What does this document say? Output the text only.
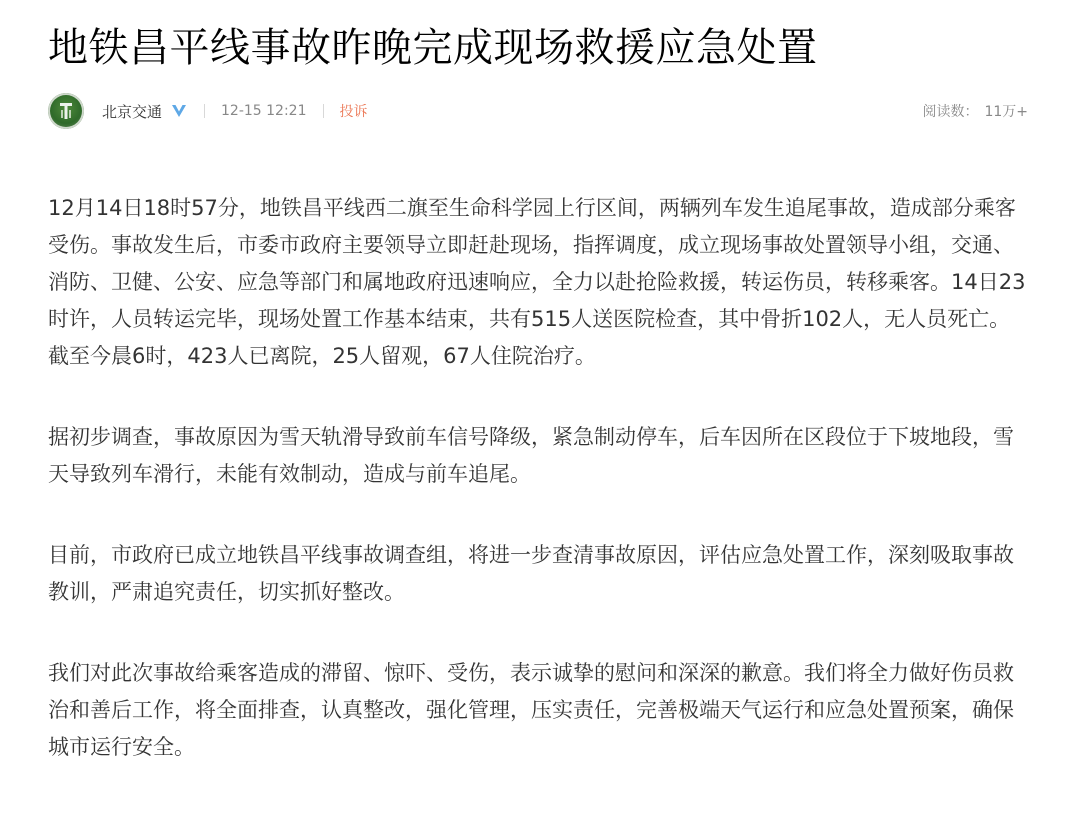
地铁昌平线事故昨晚完成现场救援应急处置
北京交通	12-15 12:21 投诉	阅读数： 11万+

12月14日18时57分，地铁昌平线西二旗至生命科学园上行区间，两辆列车发生追尾事故，造成部分乘客受伤。事故发生后，市委市政府主要领导立即赶赴现场，指挥调度，成立现场事故处置领导小组，交通、消防、卫健、公安、应急等部门和属地政府迅速响应，全力以赴抢险救援，转运伤员，转移乘客。14日23时许，人员转运完毕，现场处置工作基本结束，共有515人送医院检查，其中骨折102人，无人员死亡。截至今晨6时，423人已离院，25人留观，67人住院治疗。

据初步调查，事故原因为雪天轨滑导致前车信号降级，紧急制动停车，后车因所在区段位于下坡地段，雪天导致列车滑行，未能有效制动，造成与前车追尾。

目前，市政府已成立地铁昌平线事故调查组，将进一步查清事故原因，评估应急处置工作，深刻吸取事故教训，严肃追究责任，切实抓好整改。

我们对此次事故给乘客造成的滞留、惊吓、受伤，表示诚挚的慰问和深深的歉意。我们将全力做好伤员救治和善后工作，将全面排查，认真整改，强化管理，压实责任，完善极端天气运行和应急处置预案，确保城市运行安全。
